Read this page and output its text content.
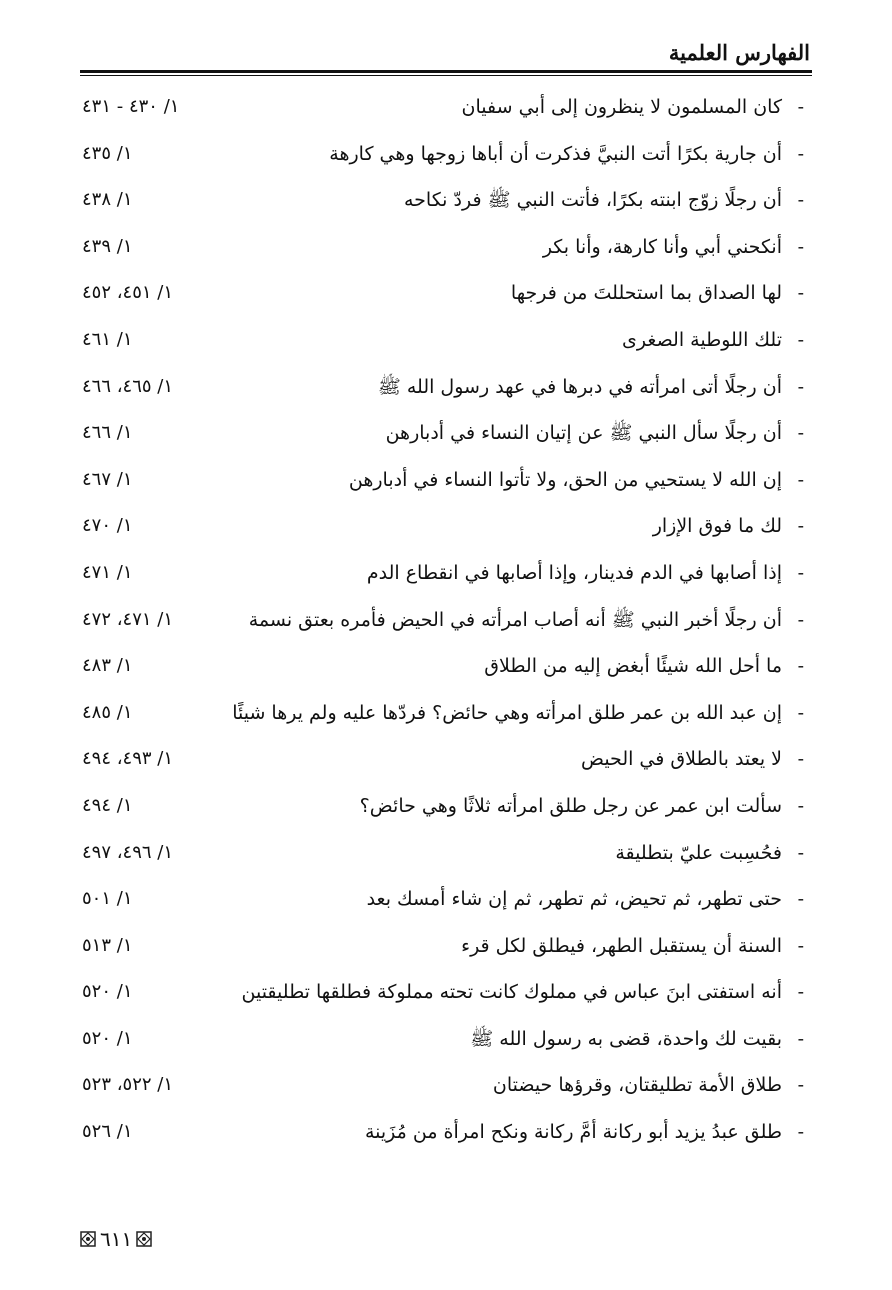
الفهارس العلمية
-
كان المسلمون لا ينظرون إلى أبي سفيان
١/ ٤٣٠ - ٤٣١
-
أن جارية بكرًا أتت النبيَّ فذكرت أن أباها زوجها وهي كارهة
١/ ٤٣٥
-
أن رجلًا زوّج ابنته بكرًا، فأتت النبي ﷺ فردّ نكاحه
١/ ٤٣٨
-
أنكحني أبي وأنا كارهة، وأنا بكر
١/ ٤٣٩
-
لها الصداق بما استحللتَ من فرجها
١/ ٤٥١، ٤٥٢
-
تلك اللوطية الصغرى
١/ ٤٦١
-
أن رجلًا أتى امرأته في دبرها في عهد رسول الله ﷺ
١/ ٤٦٥، ٤٦٦
-
أن رجلًا سأل النبي ﷺ عن إتيان النساء في أدبارهن
١/ ٤٦٦
-
إن الله لا يستحيي من الحق، ولا تأتوا النساء في أدبارهن
١/ ٤٦٧
-
لك ما فوق الإزار
١/ ٤٧٠
-
إذا أصابها في الدم فدينار، وإذا أصابها في انقطاع الدم
١/ ٤٧١
-
أن رجلًا أخبر النبي ﷺ أنه أصاب امرأته في الحيض فأمره بعتق نسمة
١/ ٤٧١، ٤٧٢
-
ما أحل الله شيئًا أبغض إليه من الطلاق
١/ ٤٨٣
-
إن عبد الله بن عمر طلق امرأته وهي حائض؟ فردّها عليه ولم يرها شيئًا
١/ ٤٨٥
-
لا يعتد بالطلاق في الحيض
١/ ٤٩٣، ٤٩٤
-
سألت ابن عمر عن رجل طلق امرأته ثلاثًا وهي حائض؟
١/ ٤٩٤
-
فحُسِبت عليّ بتطليقة
١/ ٤٩٦، ٤٩٧
-
حتى تطهر، ثم تحيض، ثم تطهر، ثم إن شاء أمسك بعد
١/ ٥٠١
-
السنة أن يستقبل الطهر، فيطلق لكل قرء
١/ ٥١٣
-
أنه استفتى ابنَ عباس في مملوك كانت تحته مملوكة فطلقها تطليقتين
١/ ٥٢٠
-
بقيت لك واحدة، قضى به رسول الله ﷺ
١/ ٥٢٠
-
طلاق الأمة تطليقتان، وقرؤها حيضتان
١/ ٥٢٢، ٥٢٣
-
طلق عبدُ يزيد أبو ركانة أمَّ ركانة ونكح امرأة من مُزَينة
١/ ٥٢٦
٦١١
